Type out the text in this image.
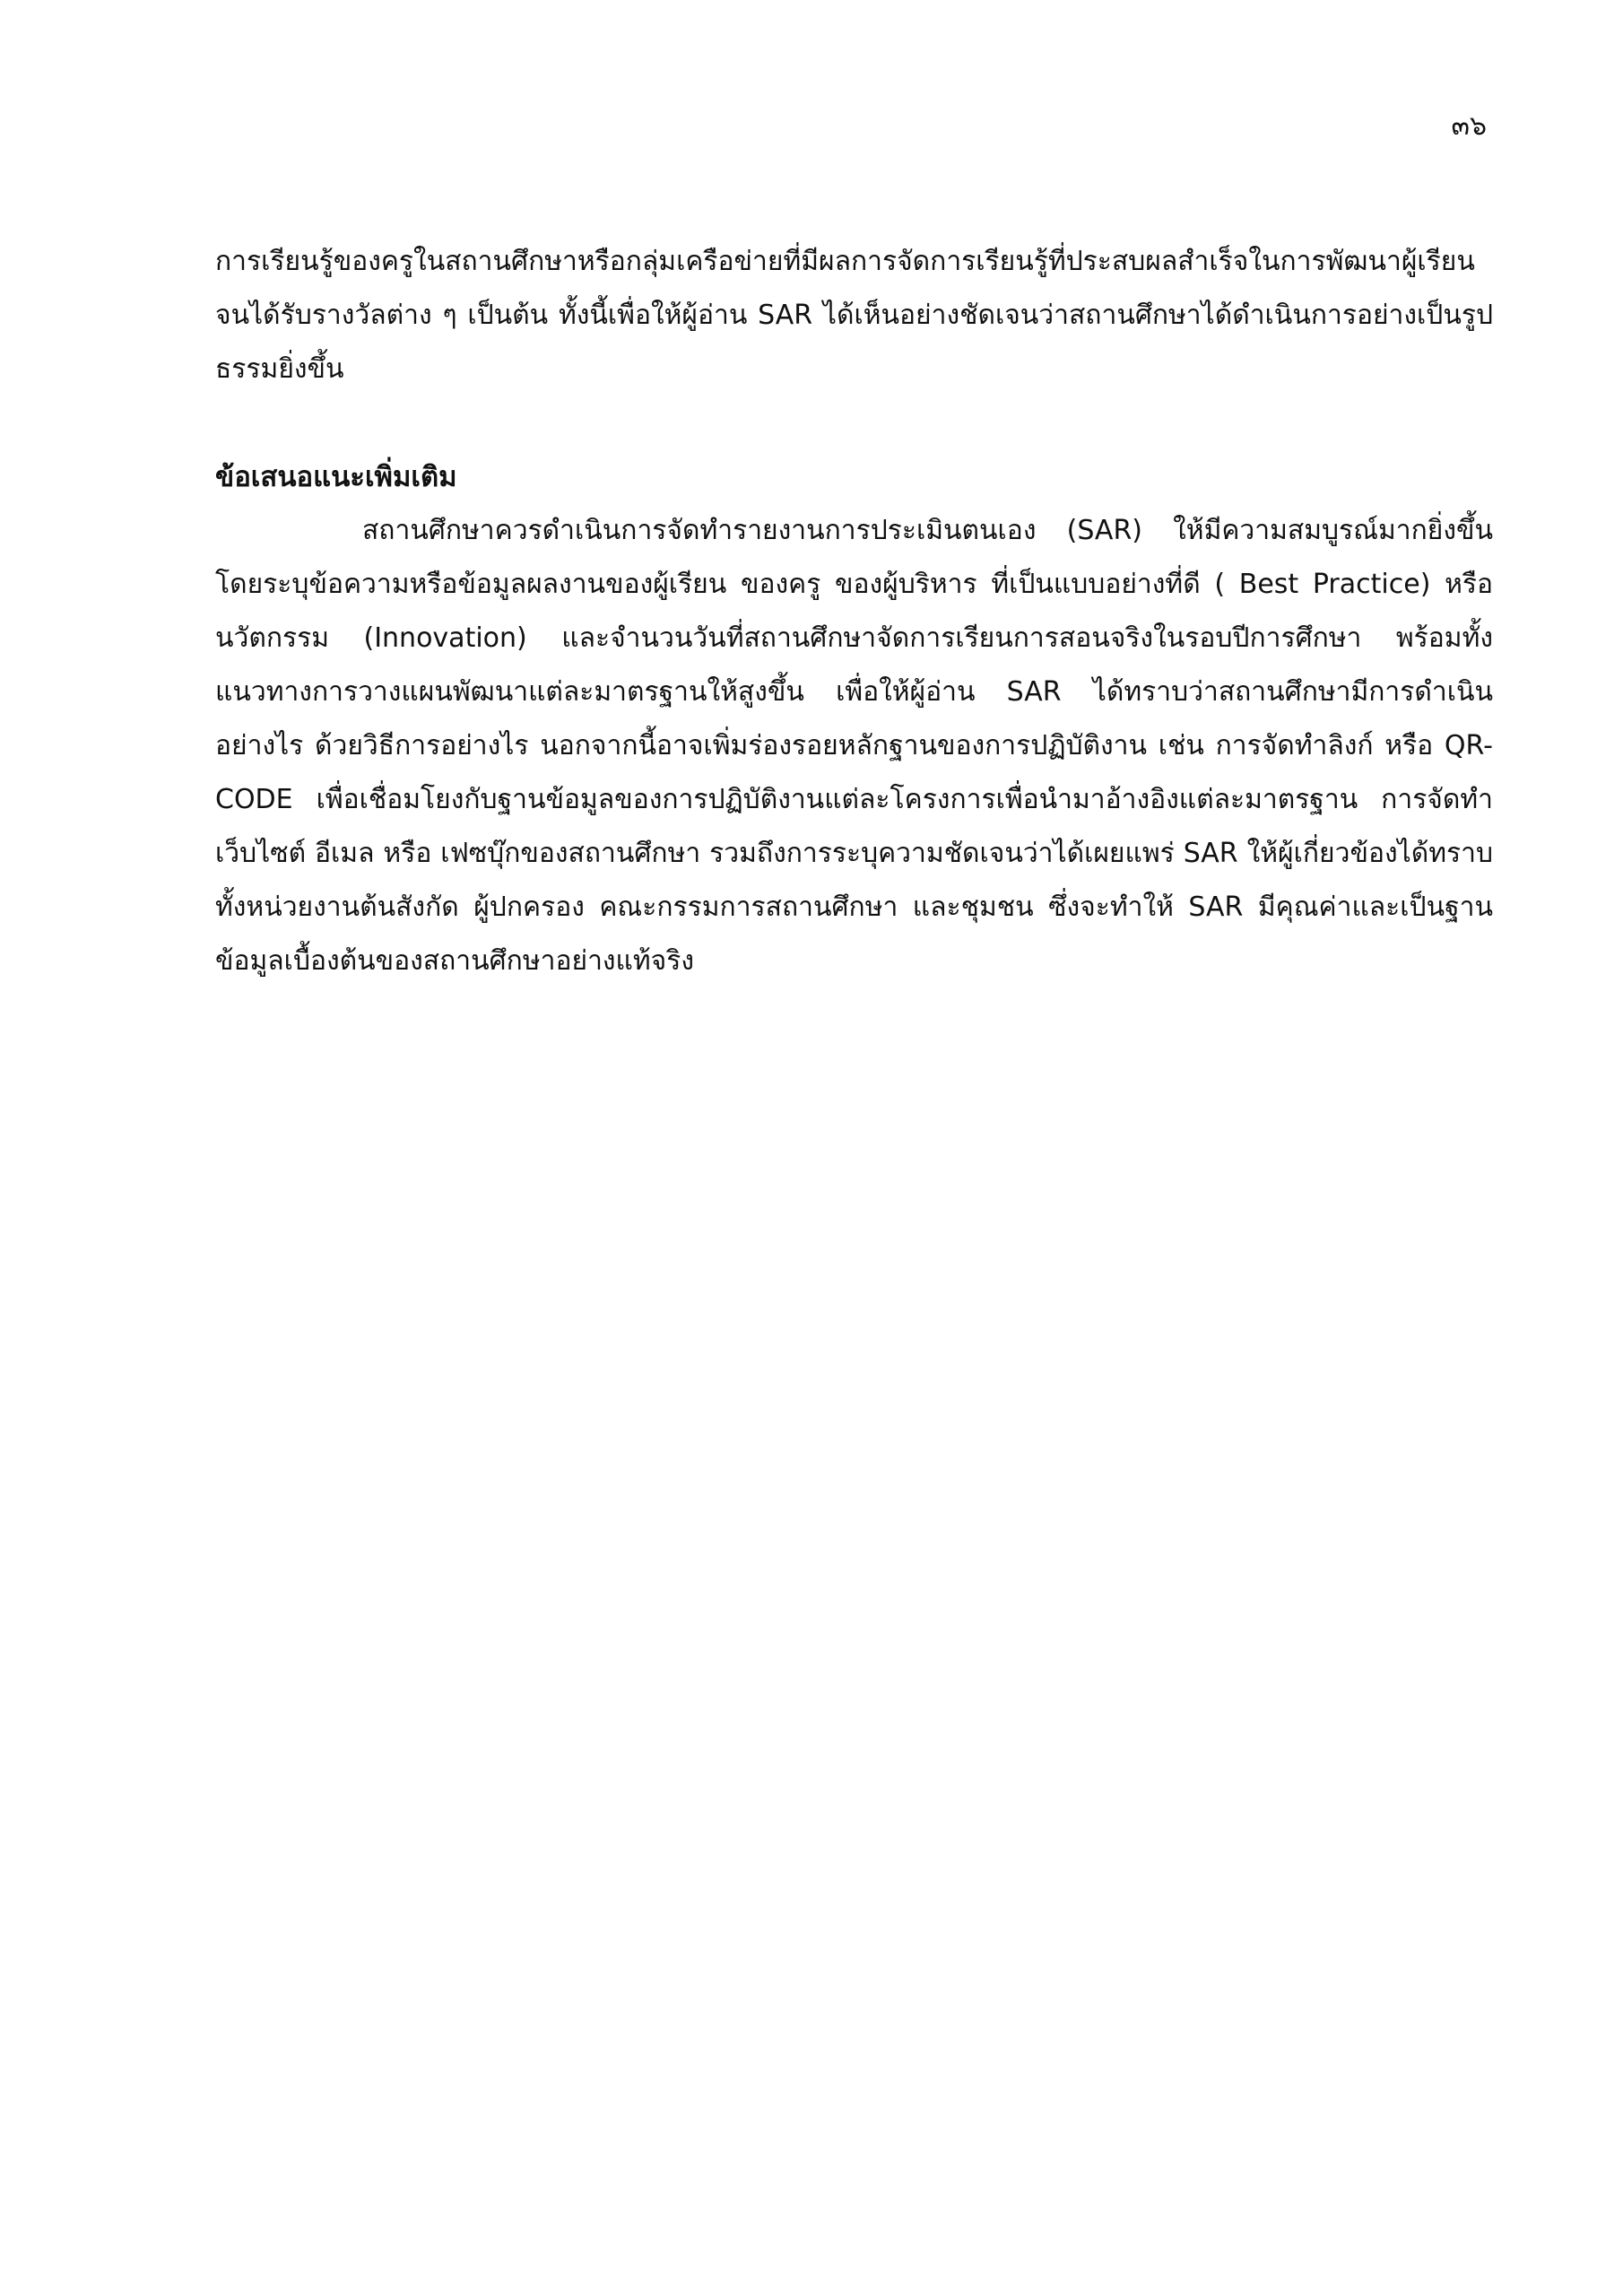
๓๖

การเรียนรู้ของครูในสถานศึกษาหรือกลุ่มเครือข่ายที่มีผลการจัดการเรียนรู้ที่ประสบผลสำเร็จในการพัฒนาผู้เรียน จนได้รับรางวัลต่าง ๆ เป็นต้น ทั้งนี้เพื่อให้ผู้อ่าน SAR ได้เห็นอย่างชัดเจนว่าสถานศึกษาได้ดำเนินการอย่างเป็นรูปธรรมยิ่งขึ้น

ข้อเสนอแนะเพิ่มเติม

สถานศึกษาควรดำเนินการจัดทำรายงานการประเมินตนเอง (SAR) ให้มีความสมบูรณ์มากยิ่งขึ้นโดยระบุข้อความหรือข้อมูลผลงานของผู้เรียน ของครู ของผู้บริหาร ที่เป็นแบบอย่างที่ดี ( Best Practice) หรือนวัตกรรม (Innovation) และจำนวนวันที่สถานศึกษาจัดการเรียนการสอนจริงในรอบปีการศึกษา พร้อมทั้งแนวทางการวางแผนพัฒนาแต่ละมาตรฐานให้สูงขึ้น เพื่อให้ผู้อ่าน SAR ได้ทราบว่าสถานศึกษามีการดำเนินอย่างไร ด้วยวิธีการอย่างไร นอกจากนี้อาจเพิ่มร่องรอยหลักฐานของการปฏิบัติงาน เช่น การจัดทำลิงก์ หรือ QR-CODE เพื่อเชื่อมโยงกับฐานข้อมูลของการปฏิบัติงานแต่ละโครงการเพื่อนำมาอ้างอิงแต่ละมาตรฐาน การจัดทำเว็บไซต์ อีเมล หรือ เฟซบุ๊กของสถานศึกษา รวมถึงการระบุความชัดเจนว่าได้เผยแพร่ SAR ให้ผู้เกี่ยวข้องได้ทราบ ทั้งหน่วยงานต้นสังกัด ผู้ปกครอง คณะกรรมการสถานศึกษา และชุมชน ซึ่งจะทำให้ SAR มีคุณค่าและเป็นฐานข้อมูลเบื้องต้นของสถานศึกษาอย่างแท้จริง
